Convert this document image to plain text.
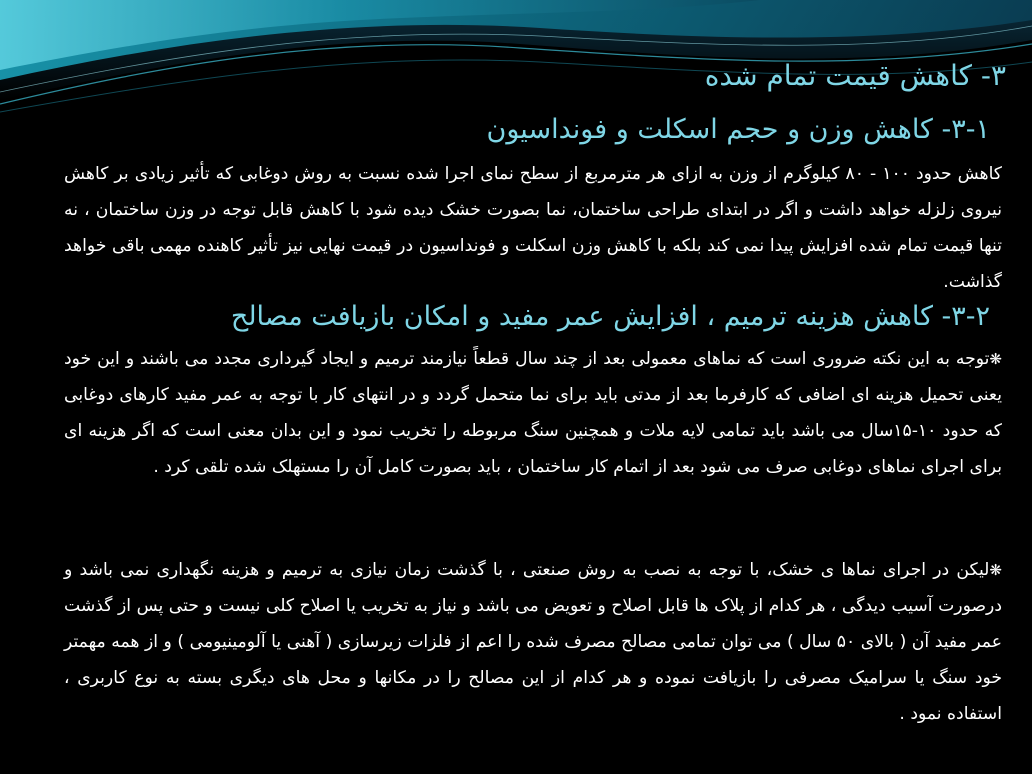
۳- کاهش قیمت تمام شده
۳-۱- کاهش وزن و حجم اسکلت و فونداسیون
کاهش حدود ۱۰۰ - ۸۰ کیلوگرم از وزن به ازای هر مترمربع از سطح نمای اجرا شده نسبت به روش دوغابی که تأثیر زیادی بر کاهش نیروی زلزله خواهد داشت و اگر در ابتدای طراحی ساختمان، نما بصورت خشک دیده شود با کاهش قابل توجه در وزن ساختمان ، نه تنها قیمت تمام شده افزایش پیدا نمی کند بلکه با کاهش وزن اسکلت و فونداسیون در قیمت نهایی نیز تأثیر کاهنده مهمی باقی خواهد گذاشت.
۳-۲- کاهش هزینه ترمیم ، افزایش عمر مفید و امکان بازیافت مصالح
❋توجه به این نکته ضروری است که نماهای معمولی بعد از چند سال قطعاً نیازمند ترمیم و ایجاد گیرداری مجدد می باشند و این خود یعنی تحمیل هزینه ای اضافی که کارفرما بعد از مدتی باید برای نما متحمل گردد و در انتهای کار با توجه به عمر مفید کارهای دوغابی که حدود ۱۰-۱۵سال می باشد باید تمامی لایه ملات و همچنین سنگ مربوطه را تخریب نمود و این بدان معنی است که اگر هزینه ای برای اجرای نماهای دوغابی صرف می شود بعد از اتمام کار ساختمان ، باید بصورت کامل آن را مستهلک شده تلقی کرد .
❋لیکن در اجرای نماها ی خشک، با توجه به نصب به روش صنعتی ، با گذشت زمان نیازی به ترمیم و هزینه نگهداری نمی باشد و درصورت آسیب دیدگی ، هر کدام از پلاک ها قابل اصلاح و تعویض می باشد و نیاز به تخریب یا اصلاح کلی نیست و حتی پس از گذشت عمر مفید آن ( بالای ۵۰ سال ) می توان تمامی مصالح مصرف شده را اعم از فلزات زیرسازی ( آهنی یا آلومینیومی ) و از همه مهمتر خود سنگ یا سرامیک مصرفی را بازیافت نموده و هر کدام از این مصالح را در مکانها و محل های دیگری بسته به نوع کاربری ، استفاده نمود .
